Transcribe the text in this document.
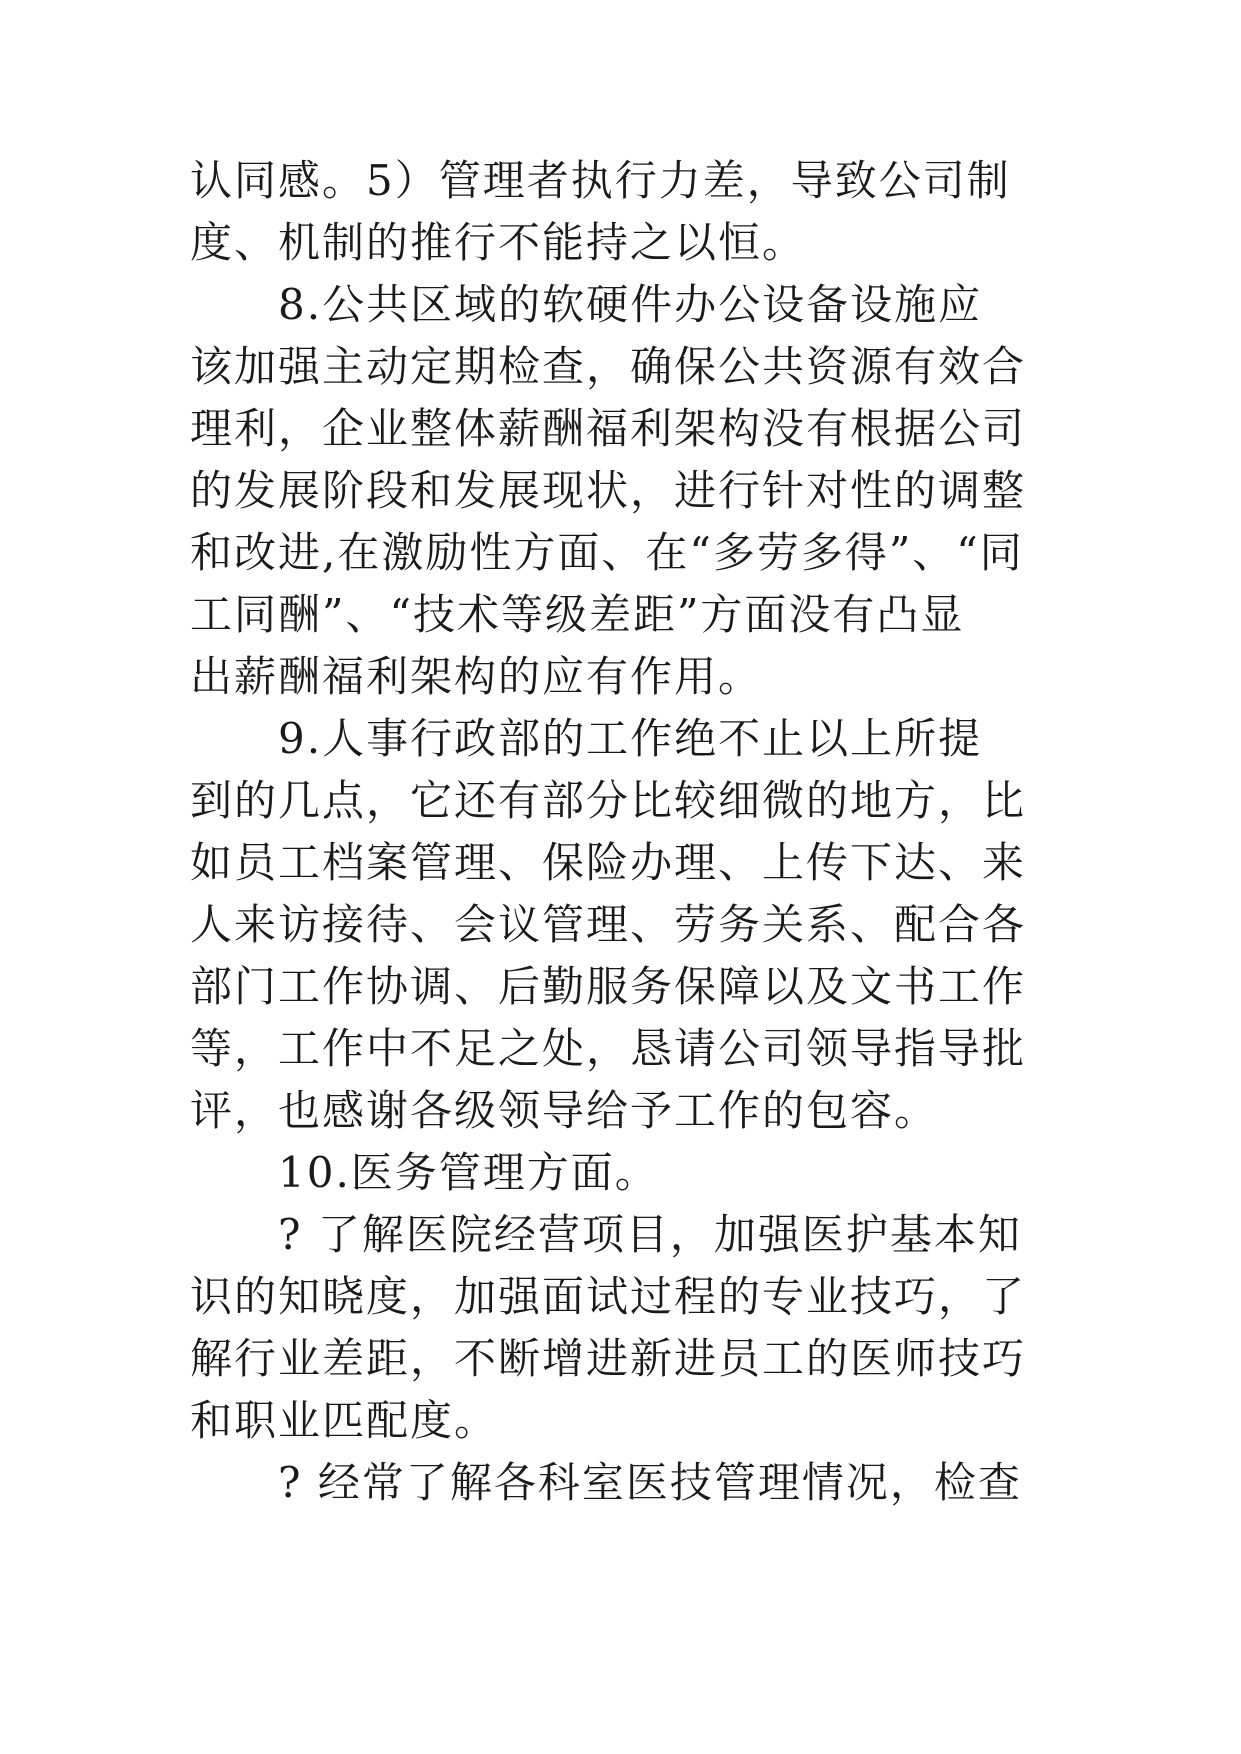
认同感。5）管理者执行力差，导致公司制
度、机制的推行不能持之以恒。
8.公共区域的软硬件办公设备设施应
该加强主动定期检查，确保公共资源有效合
理利，企业整体薪酬福利架构没有根据公司
的发展阶段和发展现状，进行针对性的调整
和改进,在激励性方面、在“多劳多得”、“同
工同酬”、“技术等级差距”方面没有凸显
出薪酬福利架构的应有作用。
9.人事行政部的工作绝不止以上所提
到的几点，它还有部分比较细微的地方，比
如员工档案管理、保险办理、上传下达、来
人来访接待、会议管理、劳务关系、配合各
部门工作协调、后勤服务保障以及文书工作
等，工作中不足之处，恳请公司领导指导批
评，也感谢各级领导给予工作的包容。
10.医务管理方面。
? 了解医院经营项目，加强医护基本知
识的知晓度，加强面试过程的专业技巧，了
解行业差距，不断增进新进员工的医师技巧
和职业匹配度。
? 经常了解各科室医技管理情况，检查
